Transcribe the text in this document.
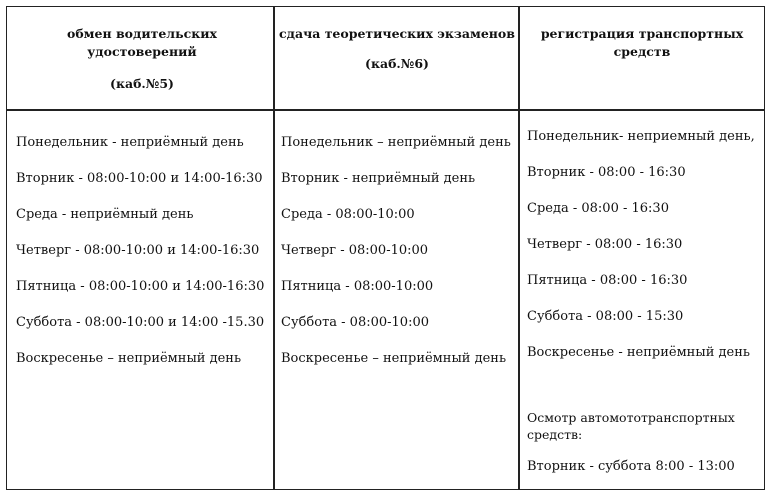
обмен водительских удостоверений
(каб.№5)
сдача теоретических экзаменов
(каб.№6)
регистрация транспортных средств
Понедельник - неприёмный день
Вторник - 08:00-10:00 и 14:00-16:30
Среда - неприёмный день
Четверг - 08:00-10:00 и 14:00-16:30
Пятница - 08:00-10:00 и 14:00-16:30
Суббота - 08:00-10:00 и 14:00 -15.30
Воскресенье – неприёмный день
Понедельник – неприёмный день
Вторник - неприёмный день
Среда - 08:00-10:00
Четверг - 08:00-10:00
Пятница - 08:00-10:00
Суббота - 08:00-10:00
Воскресенье – неприёмный день
Понедельник- неприемный день,
Вторник - 08:00 - 16:30
Среда - 08:00 - 16:30
Четверг - 08:00 - 16:30
Пятница - 08:00 - 16:30
Суббота - 08:00 - 15:30
Воскресенье - неприёмный день
Осмотр автомототранспортных средств:
Вторник - суббота 8:00 - 13:00
